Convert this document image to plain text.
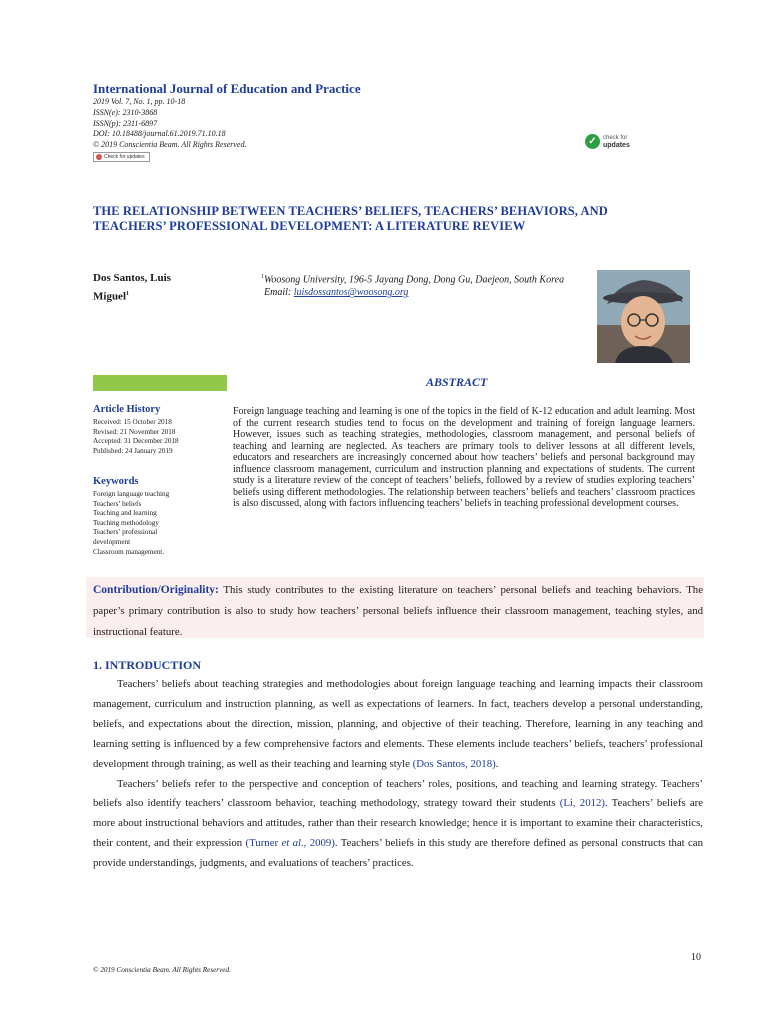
International Journal of Education and Practice
2019 Vol. 7, No. 1, pp. 10-18
ISSN(e): 2310-3868
ISSN(p): 2311-6897
DOI: 10.18488/journal.61.2019.71.10.18
© 2019 Conscientia Beam. All Rights Reserved.
Check for updates
✓	check for
updates
THE RELATIONSHIP BETWEEN TEACHERS’ BELIEFS, TEACHERS’ BEHAVIORS, AND
TEACHERS’ PROFESSIONAL DEVELOPMENT: A LITERATURE REVIEW
Dos Santos, Luis
Miguel$^1$
$^1$Woosong University, 196-5 Jayang Dong, Dong Gu, Daejeon, South Korea
Email: luisdossantos@woosong.org
ABSTRACT
Article History
Received: 15 October 2018
Revised: 21 November 2018
Accepted: 31 December 2018
Published: 24 January 2019
Keywords
Foreign language teaching
Teachers’ beliefs
Teaching and learning
Teaching methodology
Teachers’ professional
development
Classroom management.
Foreign language teaching and learning is one of the topics in the field of K-12 education and adult learning. Most of the current research studies tend to focus on the development and training of foreign language learners. However, issues such as teaching strategies, methodologies, classroom management, and personal beliefs of teaching and learning are neglected. As teachers are primary tools to deliver lessons at all different levels, educators and researchers are increasingly concerned about how teachers’ beliefs and personal background may influence classroom management, curriculum and instruction planning and expectations of students. The current study is a literature review of the concept of teachers’ beliefs, followed by a review of studies exploring teachers’ beliefs using different methodologies. The relationship between teachers’ beliefs and teachers’ classroom practices is also discussed, along with factors influencing teachers’ beliefs in teaching professional development courses.
Contribution/Originality: This study contributes to the existing literature on teachers’ personal beliefs and teaching behaviors. The paper’s primary contribution is also to study how teachers’ personal beliefs influence their classroom management, teaching styles, and instructional feature.
1. INTRODUCTION

Teachers’ beliefs about teaching strategies and methodologies about foreign language teaching and learning impacts their classroom management, curriculum and instruction planning, as well as expectations of learners. In fact, teachers develop a personal understanding, beliefs, and expectations about the direction, mission, planning, and objective of their teaching. Therefore, learning in any teaching and learning setting is influenced by a few comprehensive factors and elements. These elements include teachers’ beliefs, teachers’ professional development through training, as well as their teaching and learning style (Dos Santos, 2018).

Teachers’ beliefs refer to the perspective and conception of teachers’ roles, positions, and teaching and learning strategy. Teachers’ beliefs also identify teachers’ classroom behavior, teaching methodology, strategy toward their students (Li, 2012). Teachers’ beliefs are more about instructional behaviors and attitudes, rather than their research knowledge; hence it is important to examine their characteristics, their content, and their expression (Turner et al., 2009). Teachers’ beliefs in this study are therefore defined as personal constructs that can provide understandings, judgments, and evaluations of teachers’ practices.

10
© 2019 Conscientia Beam. All Rights Reserved.
